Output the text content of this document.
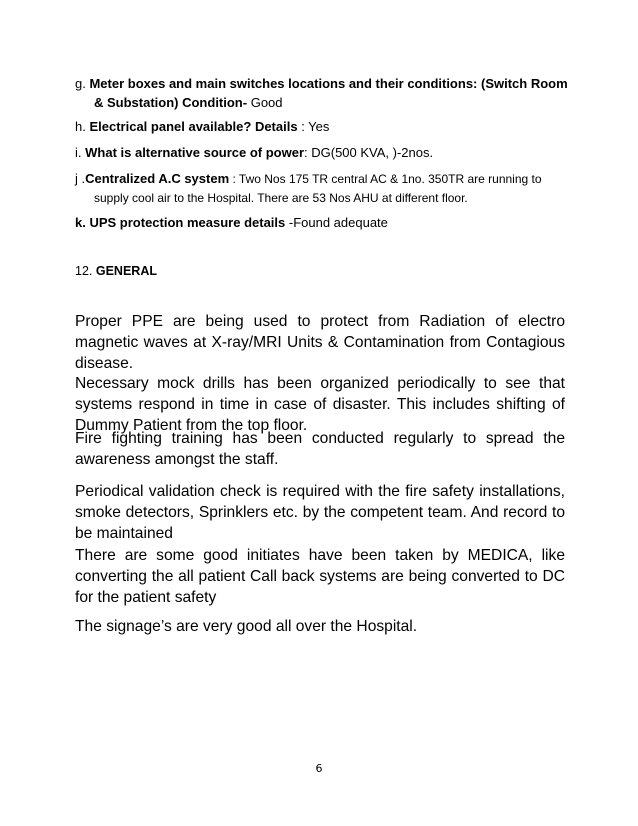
g. Meter boxes and main switches locations and their conditions: (Switch Room
& Substation) Condition- Good
h. Electrical panel available? Details : Yes
i. What is alternative source of power: DG(500 KVA, )-2nos.
j .Centralized A.C system : Two Nos 175 TR central AC & 1no. 350TR are running to
supply cool air to the Hospital. There are 53 Nos AHU at different floor.
k. UPS protection measure details -Found adequate
12. GENERAL

Proper PPE are being used to protect from Radiation of electro magnetic waves at X-ray/MRI Units & Contamination from Contagious disease.

Necessary mock drills has been organized periodically to see that systems respond in time in case of disaster. This includes shifting of Dummy Patient from the top floor.

Fire fighting training has been conducted regularly to spread the awareness amongst the staff.

Periodical validation check is required with the fire safety installations, smoke detectors, Sprinklers etc. by the competent team. And record to be maintained

There are some good initiates have been taken by MEDICA, like converting the all patient Call back systems are being converted to DC for the patient safety

The signage’s are very good all over the Hospital.

6
